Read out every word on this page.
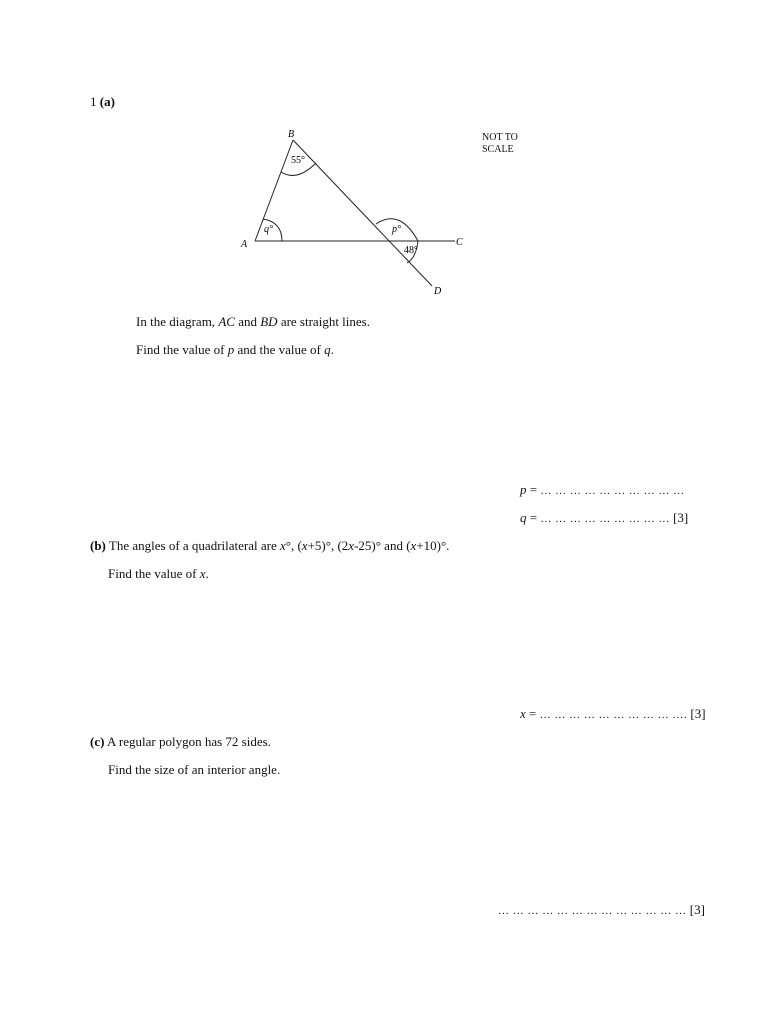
1 (a)
A
B
C
D
55°
q°	p°
48°
NOT TO
SCALE
In the diagram, AC and BD are straight lines.
Find the value of p and the value of q.
p = … … … … … … … … … …
q = … … … … … … … … … [3]
(b) The angles of a quadrilateral are x°, (x+5)°, (2x-25)° and (x+10)°.
Find the value of x.
x = … … … … … … … … … …. [3]
(c) A regular polygon has 72 sides.
Find the size of an interior angle.
… … … … … … … … … … … … … [3]
